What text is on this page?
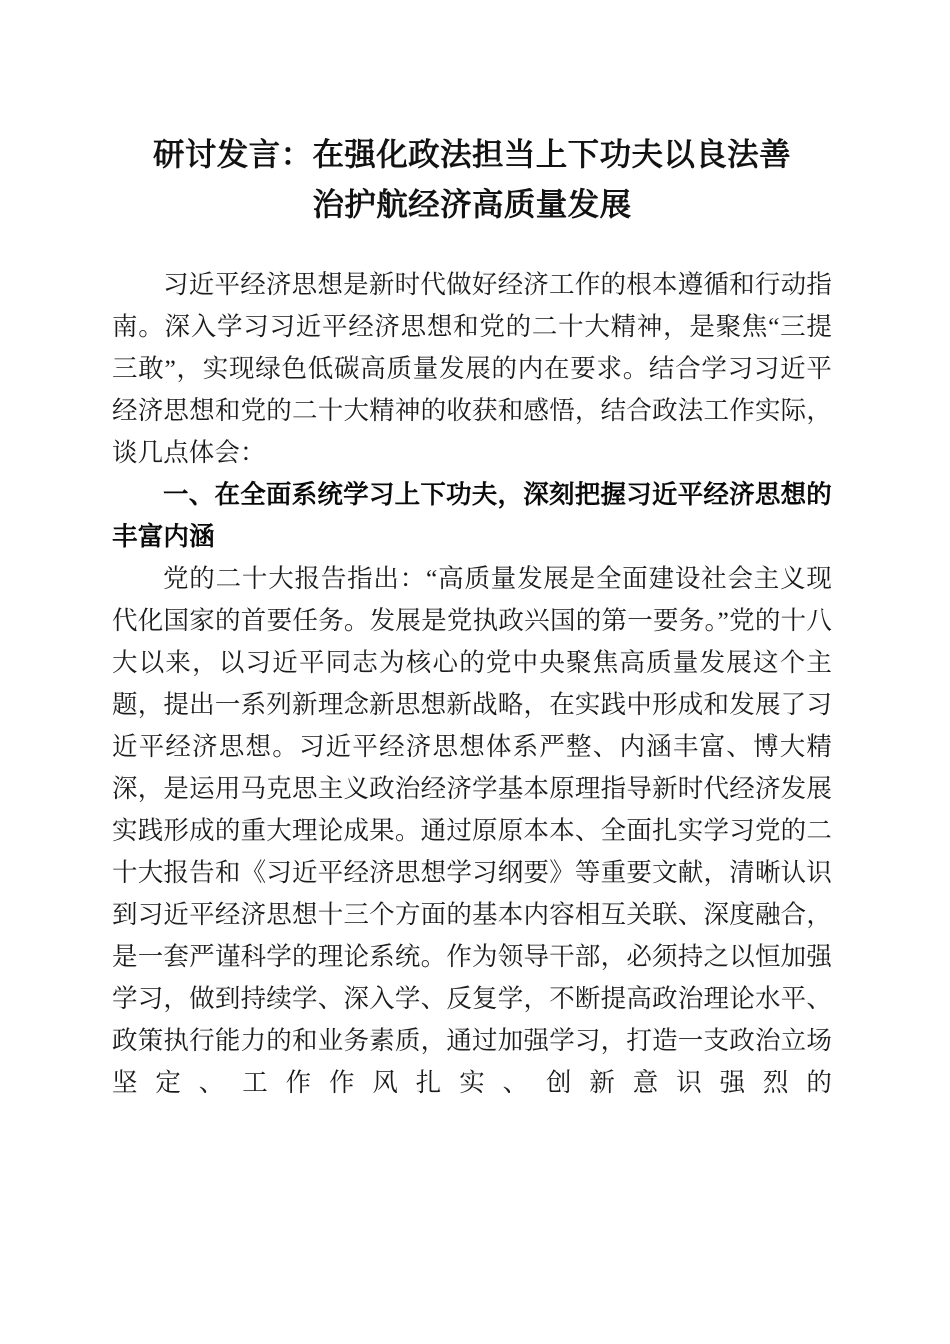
研讨发言：在强化政法担当上下功夫以良法善
治护航经济高质量发展

习近平经济思想是新时代做好经济工作的根本遵循和行动指南。深入学习习近平经济思想和党的二十大精神，是聚焦“三提三敢”，实现绿色低碳高质量发展的内在要求。结合学习习近平经济思想和党的二十大精神的收获和感悟，结合政法工作实际，谈几点体会：

一、在全面系统学习上下功夫，深刻把握习近平经济思想的丰富内涵

党的二十大报告指出：“高质量发展是全面建设社会主义现代化国家的首要任务。发展是党执政兴国的第一要务。”党的十八大以来，以习近平同志为核心的党中央聚焦高质量发展这个主题，提出一系列新理念新思想新战略，在实践中形成和发展了习近平经济思想。习近平经济思想体系严整、内涵丰富、博大精深，是运用马克思主义政治经济学基本原理指导新时代经济发展实践形成的重大理论成果。通过原原本本、全面扎实学习党的二十大报告和《习近平经济思想学习纲要》等重要文献，清晰认识到习近平经济思想十三个方面的基本内容相互关联、深度融合，是一套严谨科学的理论系统。作为领导干部，必须持之以恒加强学习，做到持续学、深入学、反复学，不断提高政治理论水平、政策执行能力的和业务素质，通过加强学习，打造一支政治立场坚定、工作作风扎实、创新意识强烈的
